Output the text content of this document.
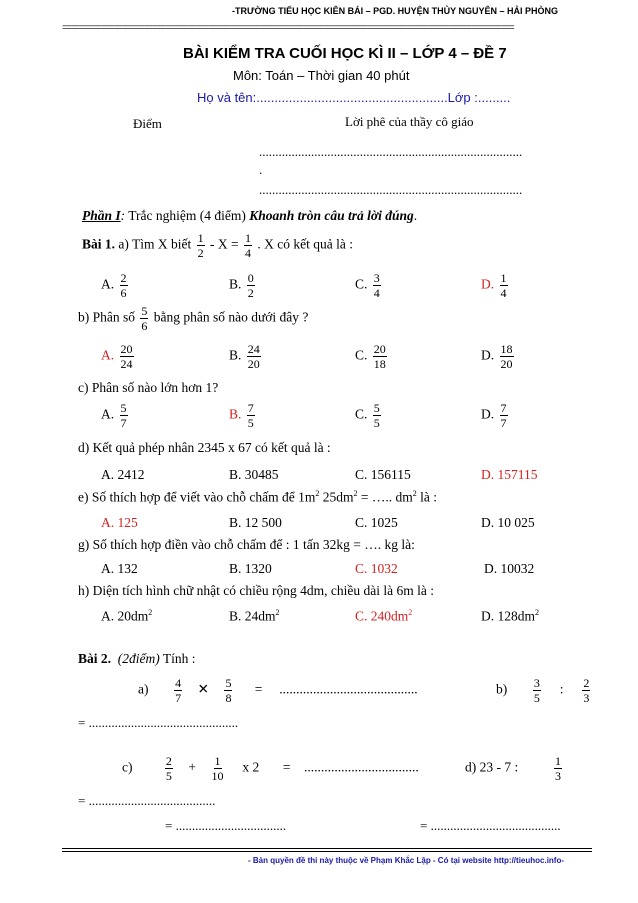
-TRƯỜNG TIỂU HỌC KIÊN BÁI – PGD. HUYỆN THỦY NGUYÊN – HẢI PHÒNG
=========================================================================================================
BÀI KIỂM TRA CUỐI HỌC KÌ II – LỚP 4 – ĐỀ 7
Môn: Toán – Thời gian 40 phút
Họ và tên:.....................................................Lớp :.........
Điểm	Lời phê của thầy cô giáo
.................................................................................
.
.................................................................................
Phần I: Trắc nghiệm (4 điểm) Khoanh tròn câu trả lời đúng.
Bài 1. a) Tìm X biết $\frac{1}{2} - X = \frac{1}{4}$ . X có kết quả là :
A. $\frac{2}{6}$	B. $\frac{0}{2}$	C. $\frac{3}{4}$	D. $\frac{1}{4}$
b) Phân số $\frac{5}{6}$ bằng phân số nào dưới đây ?
A. $\frac{20}{24}$	B. $\frac{24}{20}$	C. $\frac{20}{18}$	D. $\frac{18}{20}$
c) Phân số nào lớn hơn 1?
A. $\frac{5}{7}$	B. $\frac{7}{5}$	C. $\frac{5}{5}$	D. $\frac{7}{7}$
d) Kết quả phép nhân 2345 x 67 có kết quả là :
A. 2412	B. 30485	C. 156115	D. 157115
e) Số thích hợp để viết vào chỗ chấm để $1m^2$ $25dm^2$ = ….. $dm^2$ là :
A. 125	B. 12 500	C. 1025	D. 10 025
g) Số thích hợp điền vào chỗ chấm để : 1 tấn 32kg = …. kg là:
A. 132	B. 1320	C. 1032	D. 10032
h) Diện tích hình chữ nhật có chiều rộng 4dm, chiều dài là 6m là :
A. $20dm^2$	B. $24dm^2$	C. $240dm^2$	D. $128dm^2$
Bài 2. (2điểm) Tính :
$a) \frac{4}{7}$ ✕ $\frac{5}{8}$ = .........................................	$b) \frac{3}{5}$ : $\frac{2}{3}$
= ..............................................
c)	$\frac{2}{5} + \frac{1}{10}$ x 2 = ..................................	d) 23 - 7 :	$\frac{1}{3}$
= .......................................
= ..................................	= ........................................
- Bản quyền đề thi này thuộc về Phạm Khắc Lập - Có tại website http://tieuhoc.info-
